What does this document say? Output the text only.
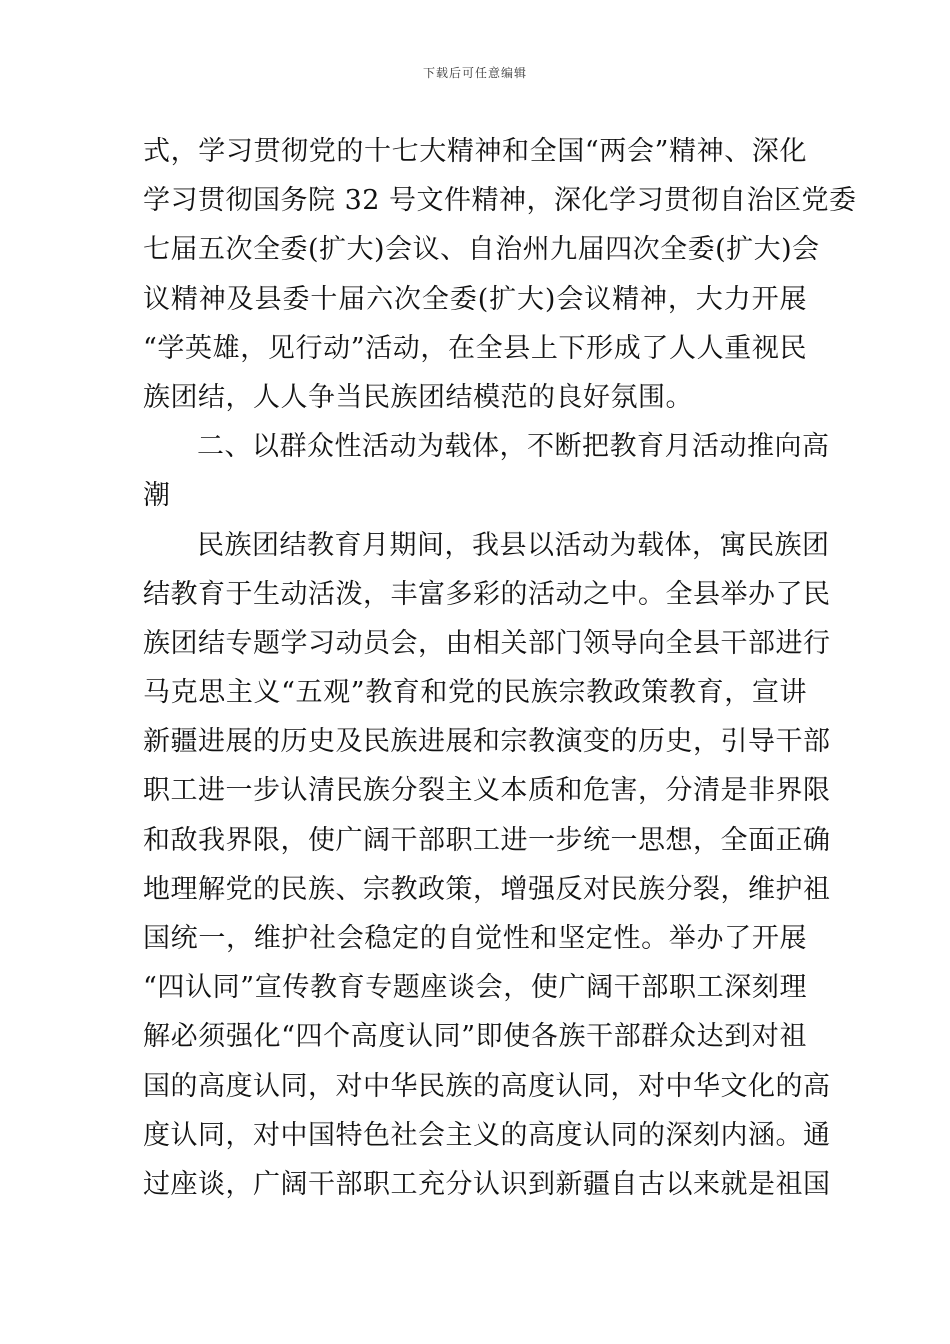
下载后可任意编辑
式，学习贯彻党的十七大精神和全国“两会”精神、深化
学习贯彻国务院 32 号文件精神，深化学习贯彻自治区党委
七届五次全委(扩大)会议、自治州九届四次全委(扩大)会
议精神及县委十届六次全委(扩大)会议精神，大力开展
“学英雄，见行动”活动，在全县上下形成了人人重视民
族团结，人人争当民族团结模范的良好氛围。
二、以群众性活动为载体，不断把教育月活动推向高
潮
民族团结教育月期间，我县以活动为载体，寓民族团
结教育于生动活泼，丰富多彩的活动之中。全县举办了民
族团结专题学习动员会，由相关部门领导向全县干部进行
马克思主义“五观”教育和党的民族宗教政策教育，宣讲
新疆进展的历史及民族进展和宗教演变的历史，引导干部
职工进一步认清民族分裂主义本质和危害，分清是非界限
和敌我界限，使广阔干部职工进一步统一思想，全面正确
地理解党的民族、宗教政策，增强反对民族分裂，维护祖
国统一，维护社会稳定的自觉性和坚定性。举办了开展
“四认同”宣传教育专题座谈会，使广阔干部职工深刻理
解必须强化“四个高度认同”即使各族干部群众达到对祖
国的高度认同，对中华民族的高度认同，对中华文化的高
度认同，对中国特色社会主义的高度认同的深刻内涵。通
过座谈，广阔干部职工充分认识到新疆自古以来就是祖国
